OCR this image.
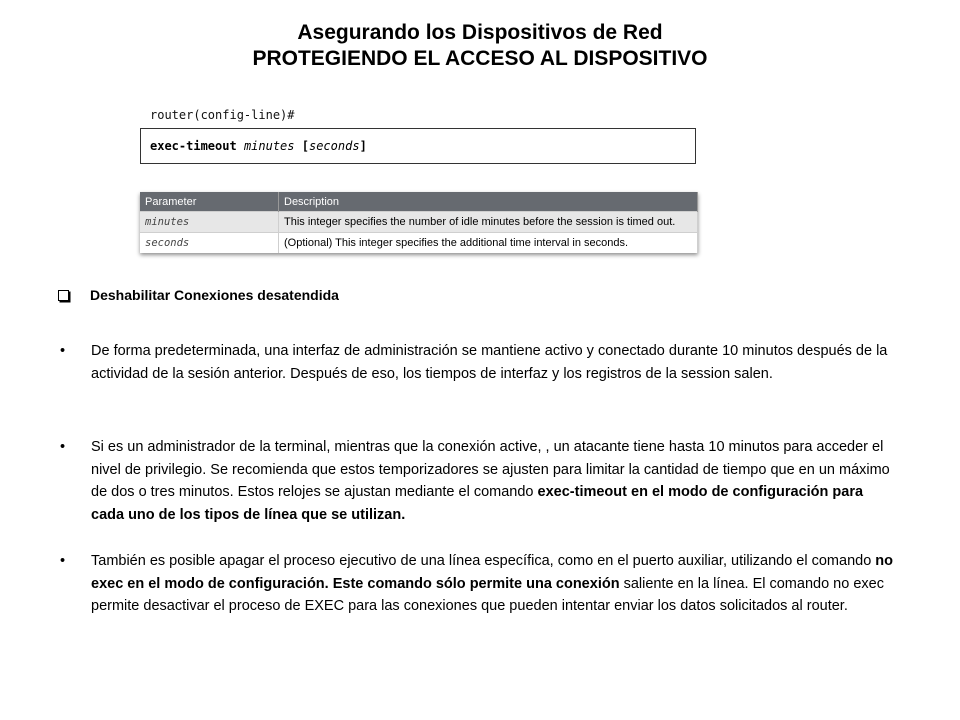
Asegurando los Dispositivos de Red
PROTEGIENDO EL ACCESO AL DISPOSITIVO
router(config-line)#
exec-timeout minutes [seconds]
Parameter	Description
minutes	This integer specifies the number of idle minutes before the session is timed out.
seconds	(Optional) This integer specifies the additional time interval in seconds.
Deshabilitar Conexiones desatendida
• De forma predeterminada, una interfaz de administración se mantiene activo y conectado durante 10 minutos después de la actividad de la sesión anterior. Después de eso, los tiempos de interfaz y los registros de la session salen.
• Si es un administrador de la terminal, mientras que la conexión active, , un atacante tiene hasta 10 minutos para acceder el nivel de privilegio. Se recomienda que estos temporizadores se ajusten para limitar la cantidad de tiempo que en un máximo de dos o tres minutos. Estos relojes se ajustan mediante el comando exec-timeout en el modo de configuración para cada uno de los tipos de línea que se utilizan.
• También es posible apagar el proceso ejecutivo de una línea específica, como en el puerto auxiliar, utilizando el comando no exec en el modo de configuración. Este comando sólo permite una conexión saliente en la línea. El comando no exec permite desactivar el proceso de EXEC para las conexiones que pueden intentar enviar los datos solicitados al router.
